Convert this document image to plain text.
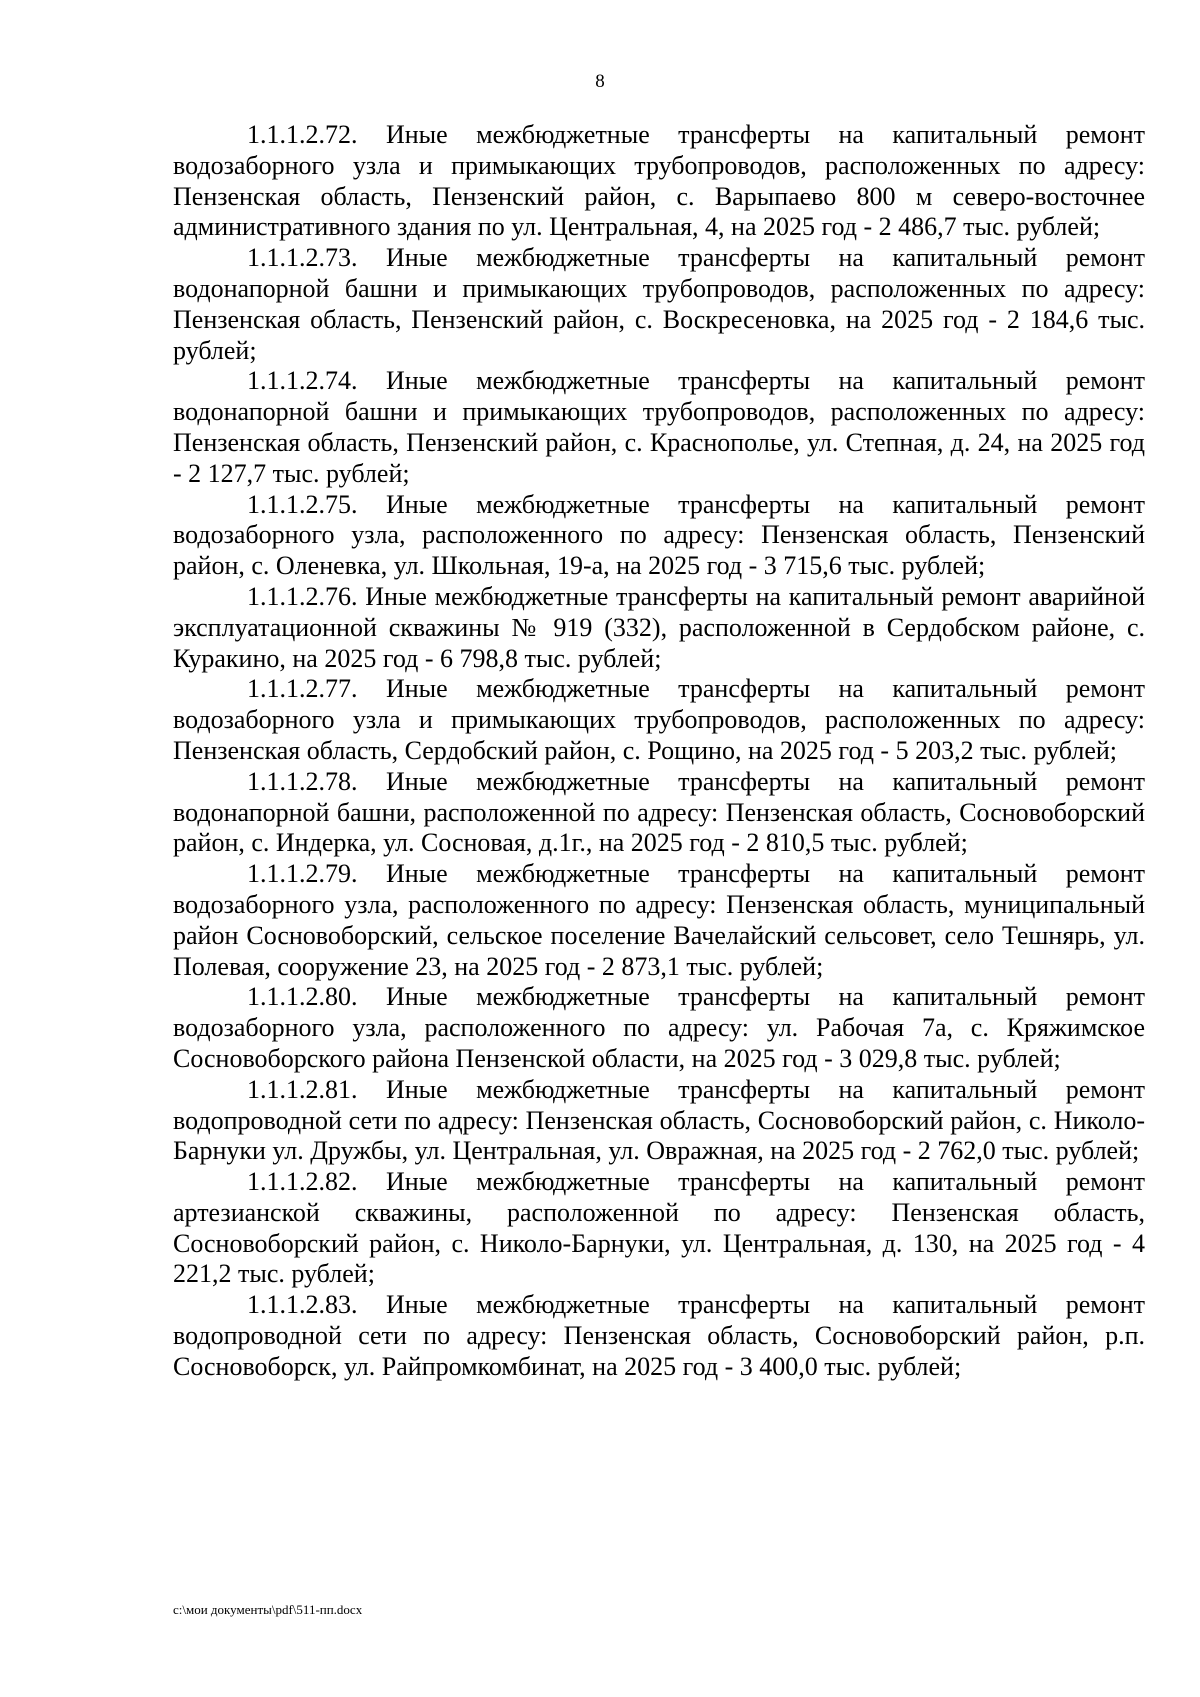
8

1.1.1.2.72. Иные межбюджетные трансферты на капитальный ремонт водозаборного узла и примыкающих трубопроводов, расположенных по адресу: Пензенская область, Пензенский район, с. Варыпаево 800 м северо-восточнее административного здания по ул. Центральная, 4, на 2025 год - 2 486,7 тыс. рублей;

1.1.1.2.73. Иные межбюджетные трансферты на капитальный ремонт водонапорной башни и примыкающих трубопроводов, расположенных по адресу: Пензенская область, Пензенский район, с. Воскресеновка, на 2025 год - 2 184,6 тыс. рублей;

1.1.1.2.74. Иные межбюджетные трансферты на капитальный ремонт водонапорной башни и примыкающих трубопроводов, расположенных по адресу: Пензенская область, Пензенский район, с. Краснополье, ул. Степная, д. 24, на 2025 год - 2 127,7 тыс. рублей;

1.1.1.2.75. Иные межбюджетные трансферты на капитальный ремонт водозаборного узла, расположенного по адресу: Пензенская область, Пензенский район, с. Оленевка, ул. Школьная, 19-а, на 2025 год - 3 715,6 тыс. рублей;

1.1.1.2.76. Иные межбюджетные трансферты на капитальный ремонт аварийной эксплуатационной скважины № 919 (332), расположенной в Сердобском районе, с. Куракино, на 2025 год - 6 798,8 тыс. рублей;

1.1.1.2.77. Иные межбюджетные трансферты на капитальный ремонт водозаборного узла и примыкающих трубопроводов, расположенных по адресу: Пензенская область, Сердобский район, с. Рощино, на 2025 год - 5 203,2 тыс. рублей;

1.1.1.2.78. Иные межбюджетные трансферты на капитальный ремонт водонапорной башни, расположенной по адресу: Пензенская область, Сосновоборский район, с. Индерка, ул. Сосновая, д.1г., на 2025 год - 2 810,5 тыс. рублей;

1.1.1.2.79. Иные межбюджетные трансферты на капитальный ремонт водозаборного узла, расположенного по адресу: Пензенская область, муниципальный район Сосновоборский, сельское поселение Вачелайский сельсовет, село Тешнярь, ул. Полевая, сооружение 23, на 2025 год - 2 873,1 тыс. рублей;

1.1.1.2.80. Иные межбюджетные трансферты на капитальный ремонт водозаборного узла, расположенного по адресу: ул. Рабочая 7а, с. Кряжимское Сосновоборского района Пензенской области, на 2025 год - 3 029,8 тыс. рублей;

1.1.1.2.81. Иные межбюджетные трансферты на капитальный ремонт водопроводной сети по адресу: Пензенская область, Сосновоборский район, с. Николо-Барнуки ул. Дружбы, ул. Центральная, ул. Овражная, на 2025 год - 2 762,0 тыс. рублей;

1.1.1.2.82. Иные межбюджетные трансферты на капитальный ремонт артезианской скважины, расположенной по адресу: Пензенская область, Сосновоборский район, с. Николо-Барнуки, ул. Центральная, д. 130, на 2025 год - 4 221,2 тыс. рублей;

1.1.1.2.83. Иные межбюджетные трансферты на капитальный ремонт водопроводной сети по адресу: Пензенская область, Сосновоборский район, р.п. Сосновоборск, ул. Райпромкомбинат, на 2025 год - 3 400,0 тыс. рублей;

c:\мои документы\pdf\511-пп.docx
